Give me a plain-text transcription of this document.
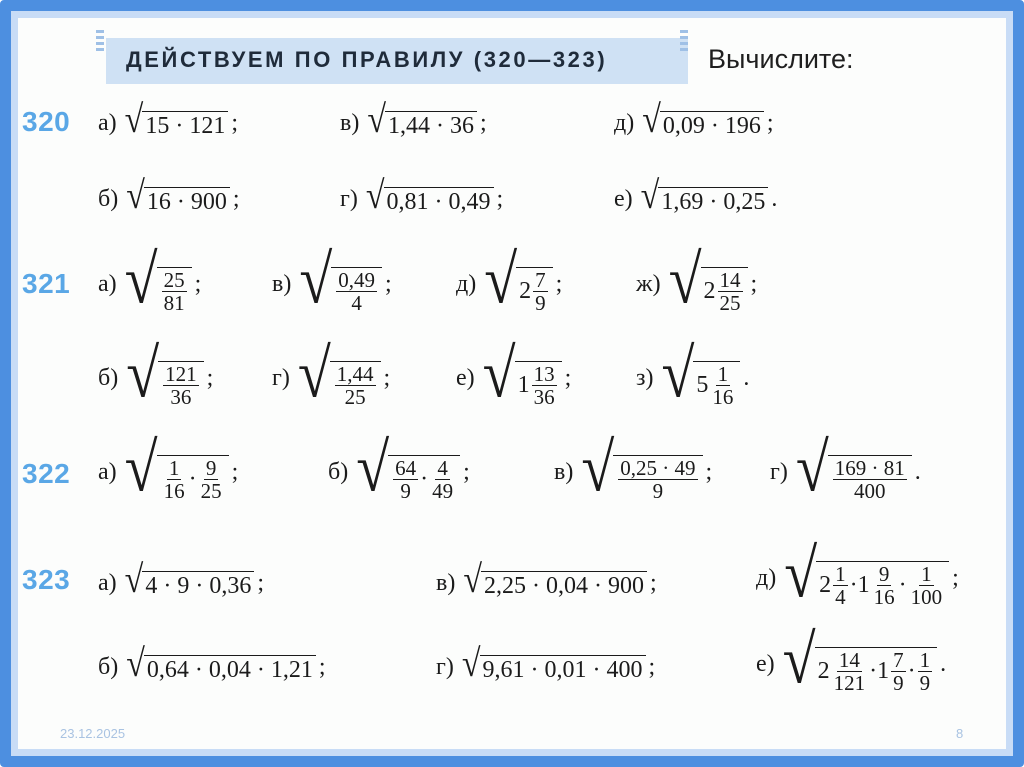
ДЕЙСТВУЕМ ПО ПРАВИЛУ (320—323)	Вычислите:
320 а) √ 15 · 121 ;	в) √ 1,44 · 36 ;	д) √ 0,09 · 196 ;
б) √ 16 · 900 ;	г) √ 0,81 · 0,49 ;	е) √ 1,69 · 0,25 .
321 а) √ $\frac{25}{81}$ ;	в) √ $\frac{0,49}{4}$ ;	д) √ $2 \frac{7}{9}$ ;	ж) √ $2 \frac{14}{25}$ ;
б) √ $\frac{121}{36}$ ; г) √ $\frac{1,44}{25}$ ;	е) √ $1 \frac{13}{36}$ ;	з) √ $5 \frac{1}{16}$ .
322 а) √ $\frac{1}{16} \cdot \frac{9}{25}$ ;	б) √ $\frac{64}{9} \cdot \frac{4}{49}$ ;	в) √ $\frac{0,25 \cdot 49}{9}$ ; г) √ $\frac{169 \cdot 81}{400}$ .
323 а) √ 4 · 9 · 0,36 ;	в) √ 2,25 · 0,04 · 900 ;	д) √ $2 \frac{1}{4} \cdot 1 \frac{9}{16} \cdot \frac{1}{100}$ ;
б) √ 0,64 · 0,04 · 1,21 ;	г) √ 9,61 · 0,01 · 400 ;	е) √ $2 \frac{14}{121} \cdot 1 \frac{7}{9} \cdot \frac{1}{9}$ .
23.12.2025	8
